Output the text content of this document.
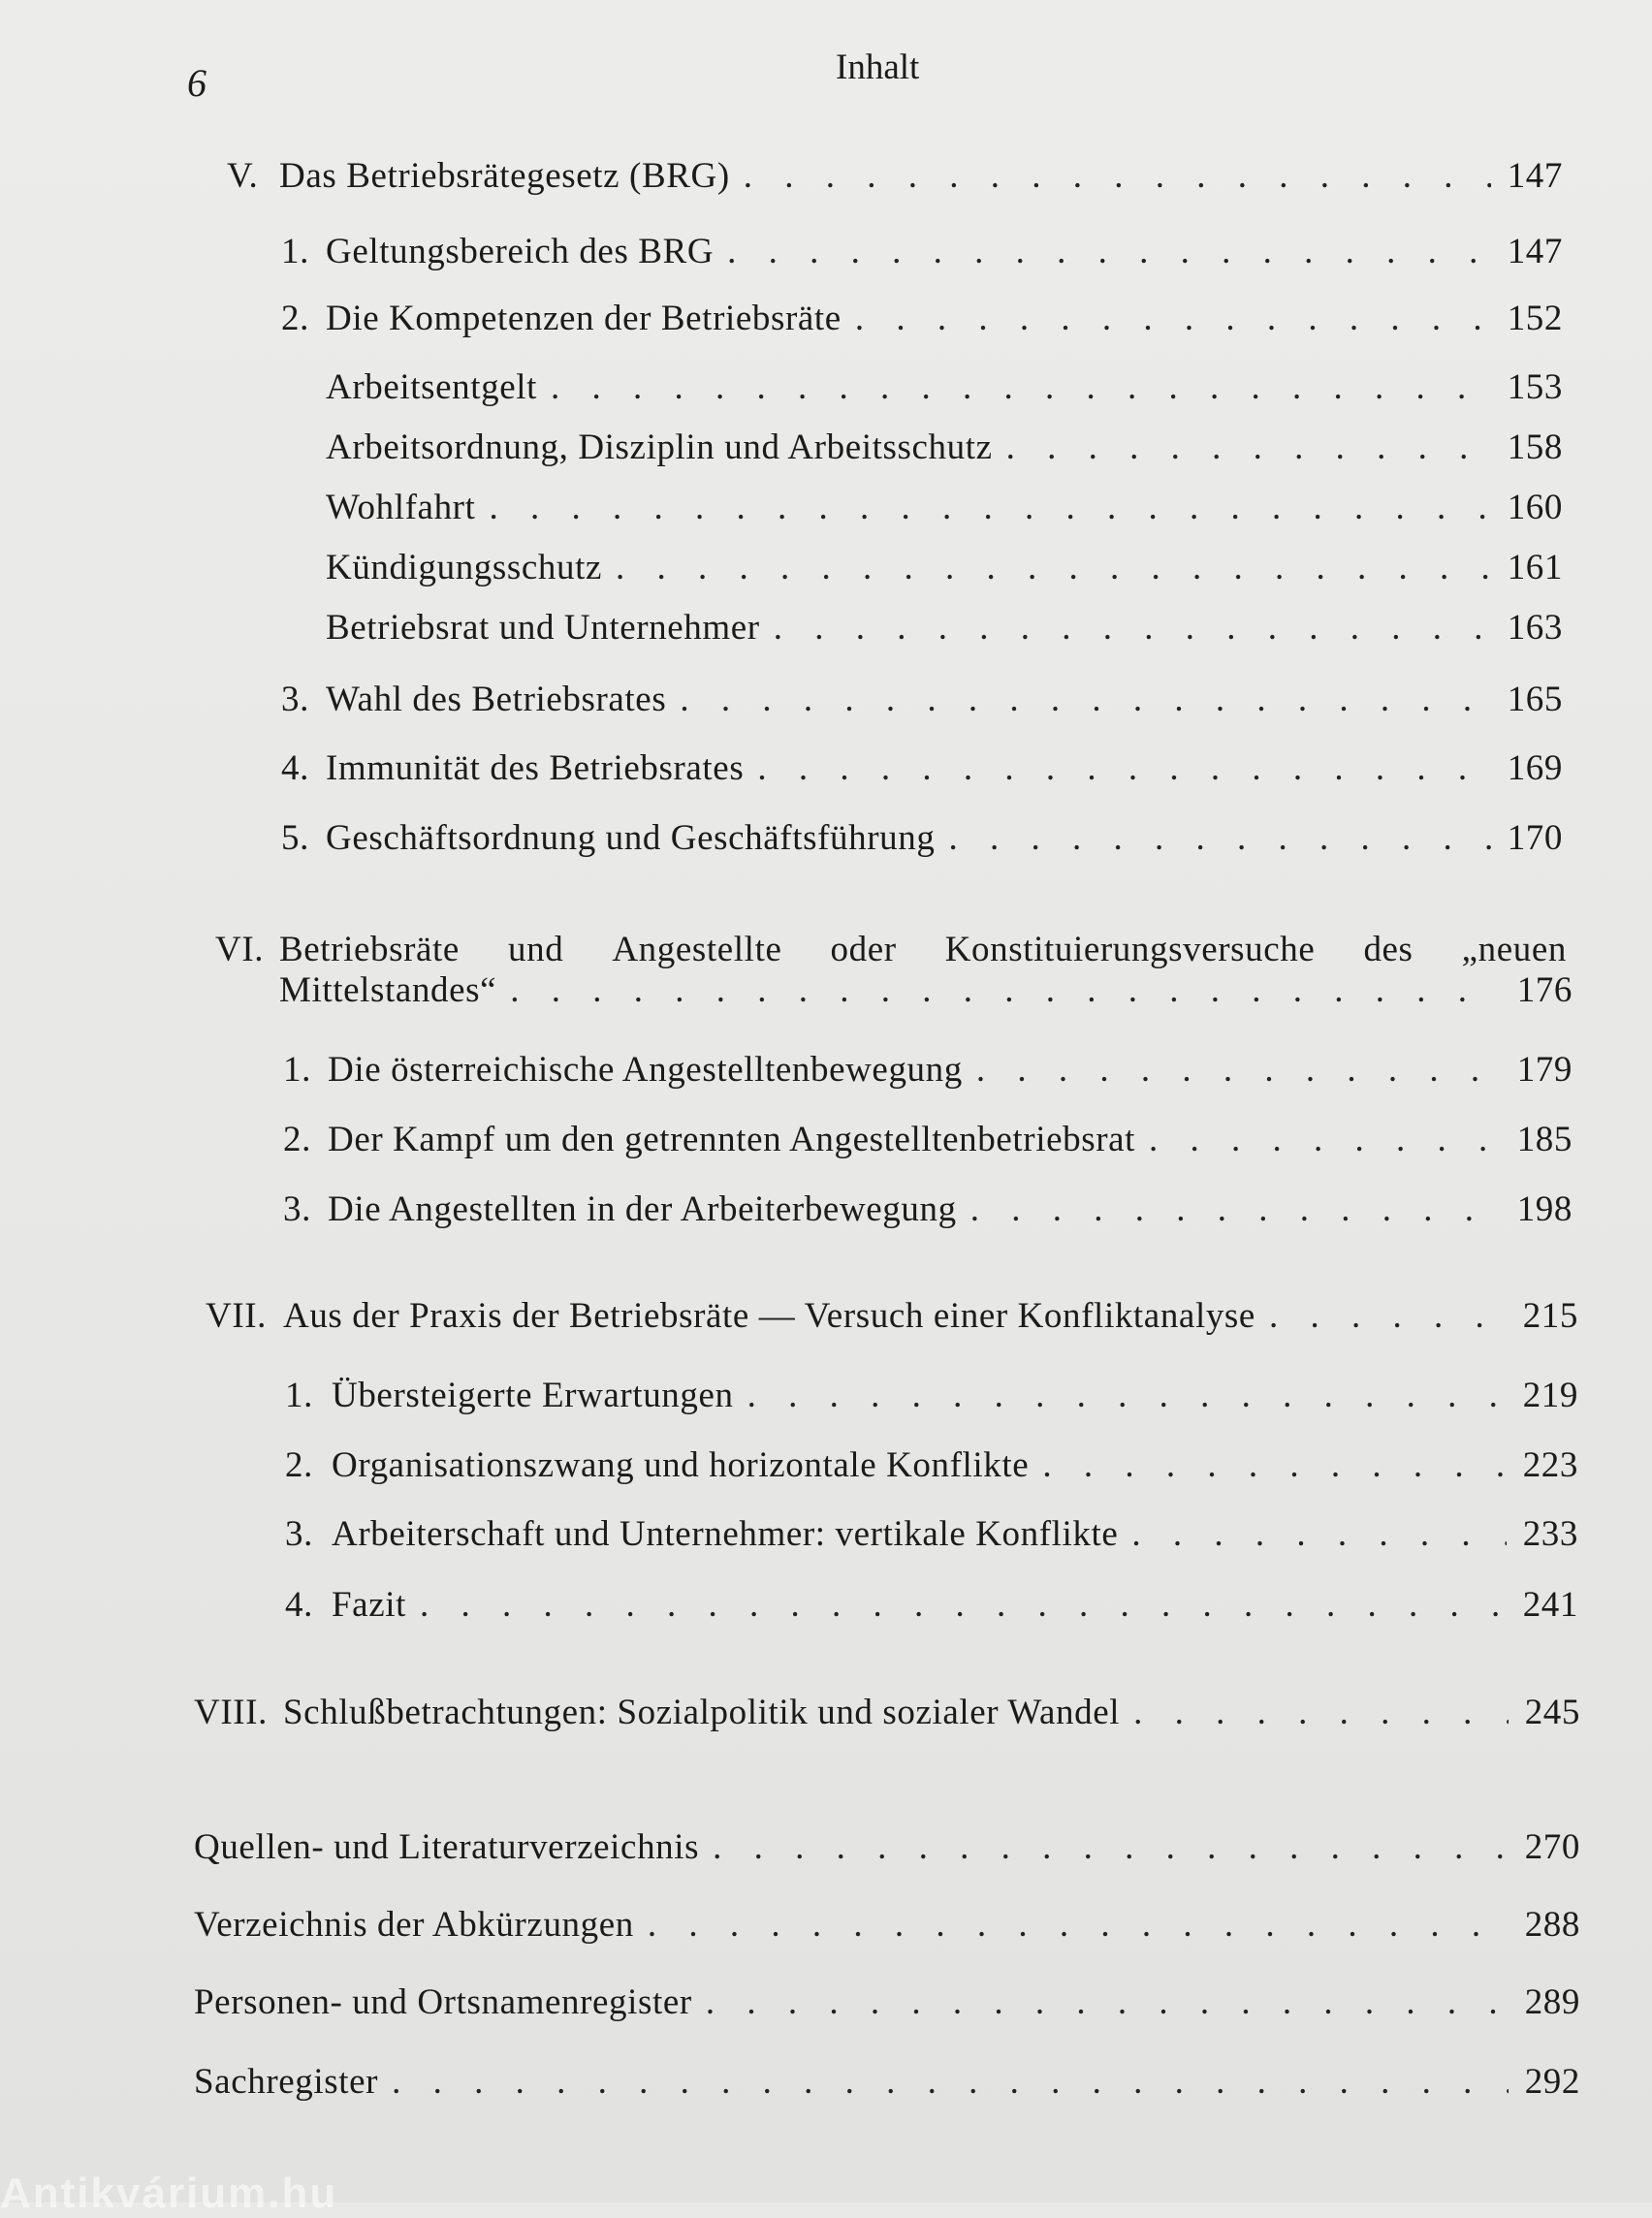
6	Inhalt
V. Das Betriebsrätegesetz (BRG) . . .	147
1. Geltungsbereich des BRG . . .	147
2. Die Kompetenzen der Betriebsräte . . .	152
Arbeitsentgelt . . .	153
Arbeitsordnung, Disziplin und Arbeitsschutz . . .	158
Wohlfahrt . . .	160
Kündigungsschutz . . .	161
Betriebsrat und Unternehmer . . .	163
3. Wahl des Betriebsrates . . .	165
4. Immunität des Betriebsrates . . .	169
5. Geschäftsordnung und Geschäftsführung . . .	170
VI. Betriebsräte und Angestellte oder Konstituierungsversuche des „neuen
Mittelstandes“ . . .	176
1. Die österreichische Angestelltenbewegung . . .	179
2. Der Kampf um den getrennten Angestelltenbetriebsrat . . .	185
3. Die Angestellten in der Arbeiterbewegung . . .	198
VII. Aus der Praxis der Betriebsräte — Versuch einer Konfliktanalyse . . .	215
1. Übersteigerte Erwartungen . . .	219
2. Organisationszwang und horizontale Konflikte . . .	223
3. Arbeiterschaft und Unternehmer: vertikale Konflikte . . .	233
4. Fazit . . .	241
VIII. Schlußbetrachtungen: Sozialpolitik und sozialer Wandel . . .	245
Quellen- und Literaturverzeichnis . . .	270
Verzeichnis der Abkürzungen . . .	288
Personen- und Ortsnamenregister . . .	289
Sachregister . . .	292
Antikvárium.hu
